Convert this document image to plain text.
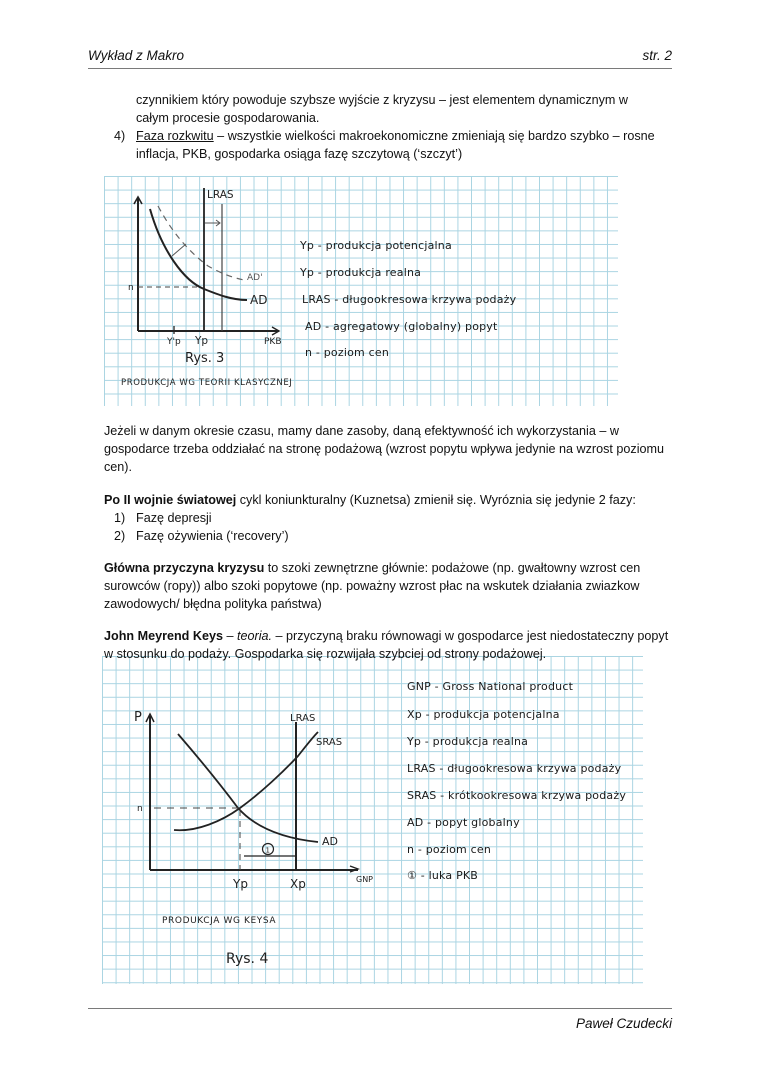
Wykład z Makro	str. 2

czynnikiem który powoduje szybsze wyjście z kryzysu – jest elementem dynamicznym w

całym procesie gospodarowania.

4) Faza rozkwitu – wszystkie wielkości makroekonomiczne zmieniają się bardzo szybko – rosne

inflacja, PKB, gospodarka osiąga fazę szczytową (‘szczyt’)

LRAS
AD
AD'
n
Y'p Yp	PKB
Rys. 3
PRODUKCJA WG TEORII KLASYCZNEJ
Yp - produkcja potencjalna
Yp - produkcja realna
LRAS - długookresowa krzywa podaży
AD - agregatowy (globalny) popyt
n - poziom cen

Jeżeli w danym okresie czasu, mamy dane zasoby, daną efektywność ich wykorzystania – w

gospodarce trzeba oddziałać na stronę podażową (wzrost popytu wpływa jedynie na wzrost poziomu

cen).

Po II wojnie światowej cykl koniunkturalny (Kuznetsa) zmienił się. Wyróznia się jedynie 2 fazy:

1) Fazę depresji
2) Fazę ożywienia (‘recovery’)

Główna przyczyna kryzysu to szoki zewnętrzne głównie: podażowe (np. gwałtowny wzrost cen

surowców (ropy)) albo szoki popytowe (np. poważny wzrost płac na wskutek działania zwiazkow

zawodowych/ błędna polityka państwa)

1
P	LRAS
SRAS
AD
n
Yp	Xp	GNP
PRODUKCJA WG KEYSA
Rys. 4
GNP - Gross National product
Xp - produkcja potencjalna
Yp - produkcja realna
LRAS - długookresowa krzywa podaży
SRAS - krótkookresowa krzywa podaży
AD - popyt globalny
n - poziom cen
① - luka PKB

John Meyrend Keys – teoria. – przyczyną braku równowagi w gospodarce jest niedostateczny popyt

w stosunku do podaży. Gospodarka się rozwijała szybciej od strony podażowej.

Paweł Czudecki
